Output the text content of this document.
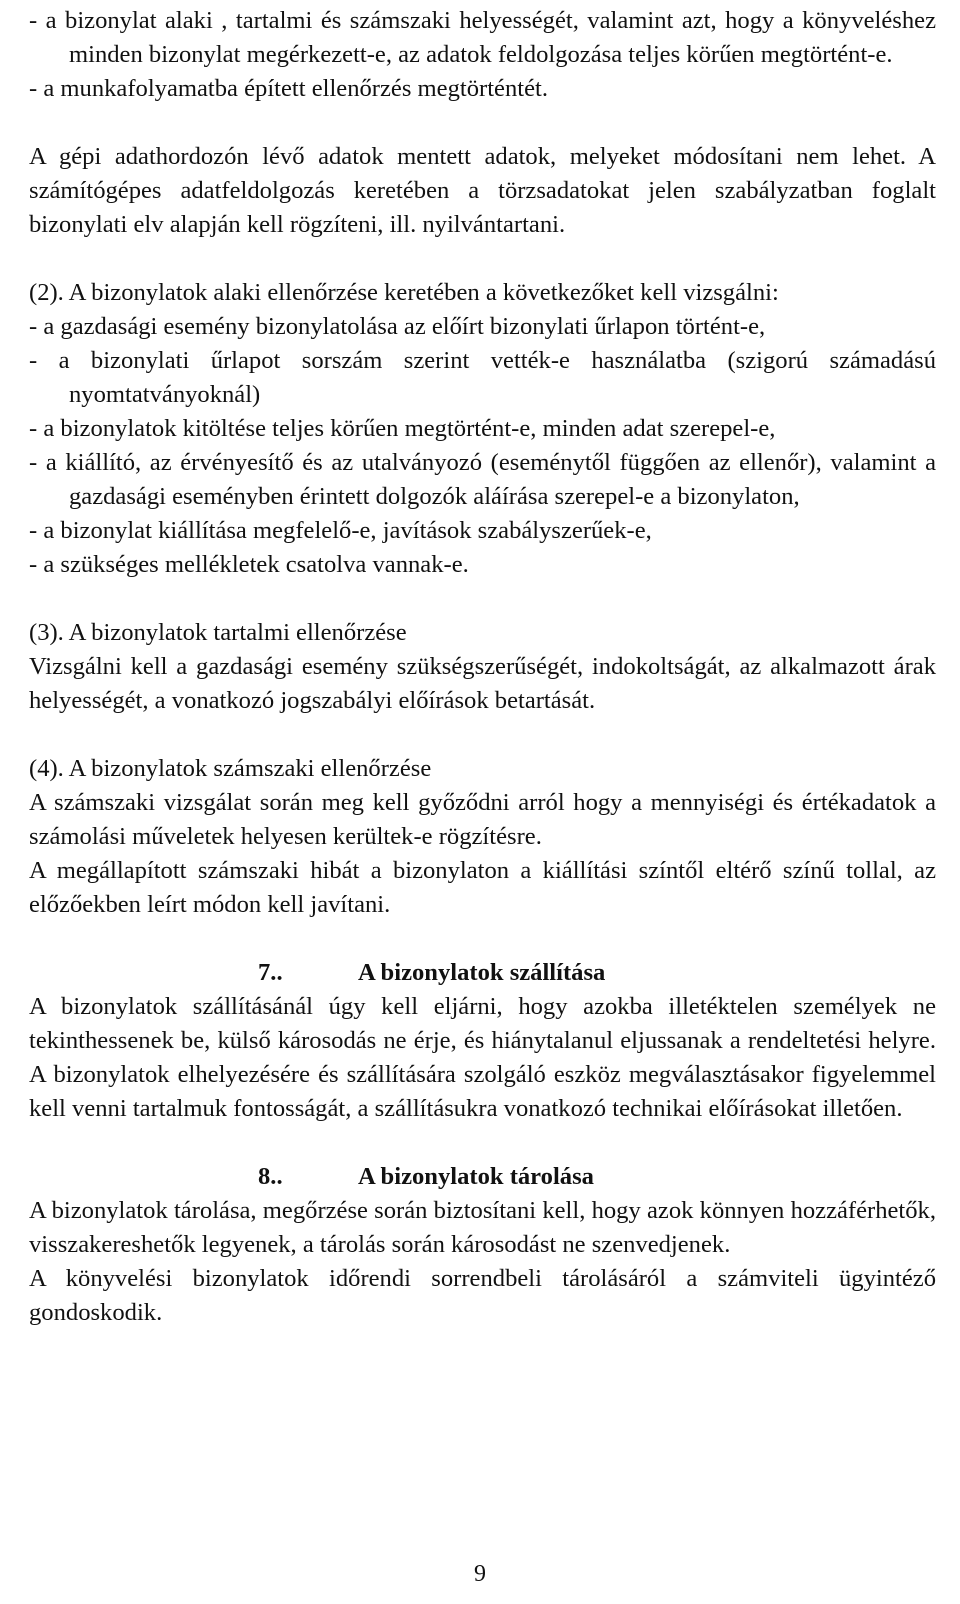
- a bizonylat alaki , tartalmi és számszaki helyességét, valamint azt, hogy a könyveléshez minden bizonylat megérkezett-e, az adatok feldolgozása teljes körűen megtörtént-e.

- a munkafolyamatba épített ellenőrzés megtörténtét.

A gépi adathordozón lévő adatok mentett adatok, melyeket módosítani nem lehet. A számítógépes adatfeldolgozás keretében a törzsadatokat jelen szabályzatban foglalt bizonylati elv alapján kell rögzíteni, ill. nyilvántartani.

(2). A bizonylatok alaki ellenőrzése keretében a következőket kell vizsgálni:

- a gazdasági esemény bizonylatolása az előírt bizonylati űrlapon történt-e,

- a bizonylati űrlapot sorszám szerint vették-e használatba (szigorú számadású nyomtatványoknál)

- a bizonylatok kitöltése teljes körűen megtörtént-e, minden adat szerepel-e,

- a kiállító, az érvényesítő és az utalványozó (eseménytől függően az ellenőr), valamint a gazdasági eseményben érintett dolgozók aláírása szerepel-e a bizonylaton,

- a bizonylat kiállítása megfelelő-e, javítások szabályszerűek-e,

- a szükséges mellékletek csatolva vannak-e.

(3). A bizonylatok tartalmi ellenőrzése

Vizsgálni kell a gazdasági esemény szükségszerűségét, indokoltságát, az alkalmazott árak helyességét, a vonatkozó jogszabályi előírások betartását.

(4). A bizonylatok számszaki ellenőrzése

A számszaki vizsgálat során meg kell győződni arról hogy a mennyiségi és értékadatok a számolási műveletek helyesen kerültek-e rögzítésre.

A megállapított számszaki hibát a bizonylaton a kiállítási színtől eltérő színű tollal, az előzőekben leírt módon kell javítani.

7..	A bizonylatok szállítása

A bizonylatok szállításánál úgy kell eljárni, hogy azokba illetéktelen személyek ne tekinthessenek be, külső károsodás ne érje, és hiánytalanul eljussanak a rendeltetési helyre. A bizonylatok elhelyezésére és szállítására szolgáló eszköz megválasztásakor figyelemmel kell venni tartalmuk fontosságát, a szállításukra vonatkozó technikai előírásokat illetően.

8..	A bizonylatok tárolása

A bizonylatok tárolása, megőrzése során biztosítani kell, hogy azok könnyen hozzáférhetők, visszakereshetők legyenek, a tárolás során károsodást ne szenvedjenek.

A könyvelési bizonylatok időrendi sorrendbeli tárolásáról a számviteli ügyintéző gondoskodik.

9
